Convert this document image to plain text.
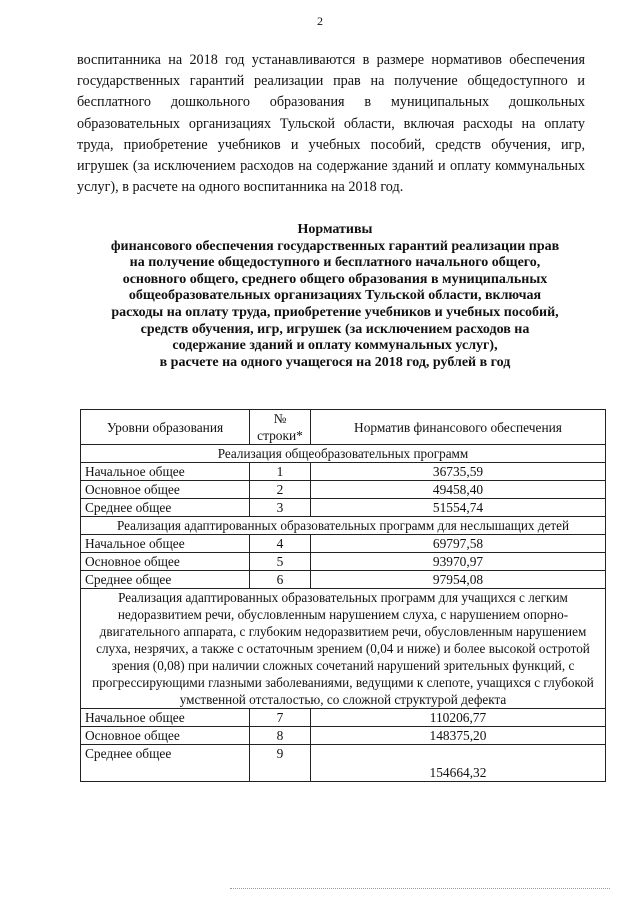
2
воспитанника на 2018 год устанавливаются в размере нормативов обеспечения государственных гарантий реализации прав на получение общедоступного и бесплатного дошкольного образования в муниципальных дошкольных образовательных организациях Тульской области, включая расходы на оплату труда, приобретение учебников и учебных пособий, средств обучения, игр, игрушек (за исключением расходов на содержание зданий и оплату коммунальных услуг), в расчете на одного воспитанника на 2018 год.
Нормативы
финансового обеспечения государственных гарантий реализации прав
на получение общедоступного и бесплатного начального общего,
основного общего, среднего общего образования в муниципальных
общеобразовательных организациях Тульской области, включая
расходы на оплату труда, приобретение учебников и учебных пособий,
средств обучения, игр, игрушек (за исключением расходов на
содержание зданий и оплату коммунальных услуг),
в расчете на одного учащегося на 2018 год, рублей в год
Уровни образования	№ строки*	Норматив финансового обеспечения
Реализация общеобразовательных программ		
Начальное общее	1	36735,59
Основное общее	2	49458,40
Среднее общее	3	51554,74
Реализация адаптированных образовательных программ для неслышащих детей		
Начальное общее	4	69797,58
Основное общее	5	93970,97
Среднее общее	6	97954,08
Реализация адаптированных образовательных программ для учащихся с легким недоразвитием речи, обусловленным нарушением слуха, с нарушением опорно-двигательного аппарата, с глубоким недоразвитием речи, обусловленным нарушением слуха, незрячих, а также с остаточным зрением (0,04 и ниже) и более высокой остротой зрения (0,08) при наличии сложных сочетаний нарушений зрительных функций, с прогрессирующими глазными заболеваниями, ведущими к слепоте, учащихся с глубокой умственной отсталостью, со сложной структурой дефекта		
Начальное общее	7	110206,77
Основное общее	8	148375,20
Среднее общее	9	154664,32
